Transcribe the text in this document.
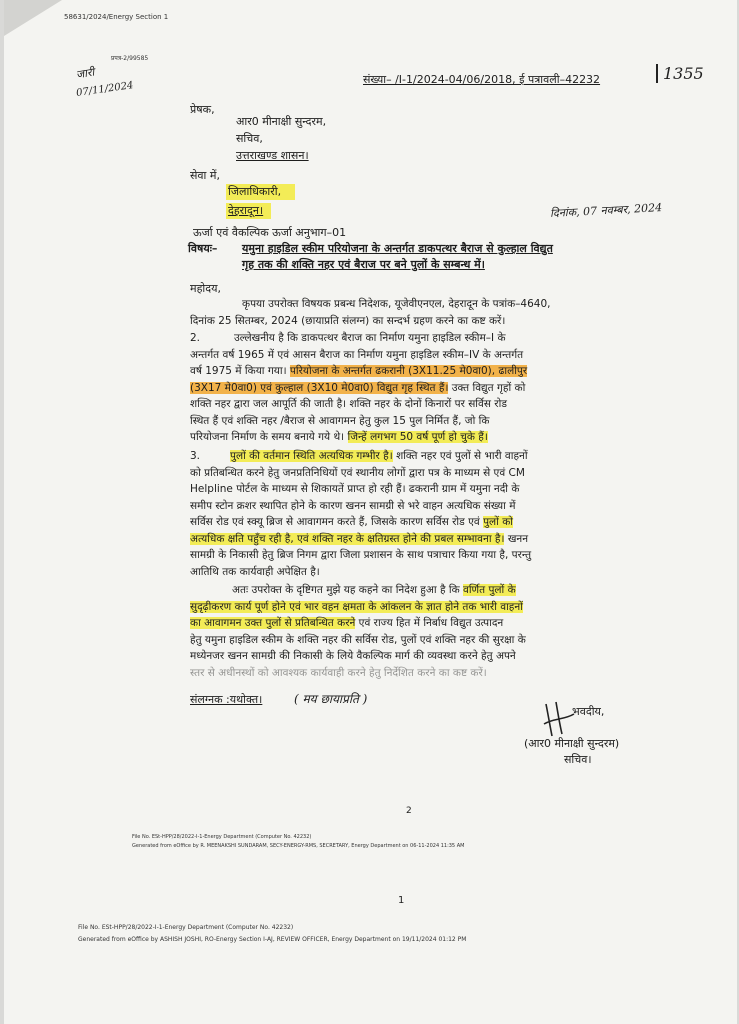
58631/2024/Energy Section 1
प्रपत्र-2/99585
जारी
07/11/2024
संख्या– /I-1/2024-04/06/2018, ई पत्रावली–42232	1355
प्रेषक,
आर0 मीनाक्षी सुन्दरम,
सचिव,
उत्तराखण्ड शासन।
सेवा में,
जिलाधिकारी,
देहरादून।	दिनांक, 07 नवम्बर, 2024
ऊर्जा एवं वैकल्पिक ऊर्जा अनुभाग–01
विषयः– यमुना हाइडिल स्कीम परियोजना के अन्तर्गत डाकपत्थर बैराज से कुल्हाल विद्युत
गृह तक की शक्ति नहर एवं बैराज पर बने पुलों के सम्बन्ध में।
महोदय,
कृपया उपरोक्त विषयक प्रबन्ध निदेशक, यूजेवीएनएल, देहरादून के पत्रांक–4640,
दिनांक 25 सितम्बर, 2024 (छायाप्रति संलग्न) का सन्दर्भ ग्रहण करने का कष्ट करें।
2.	उल्लेखनीय है कि डाकपत्थर बैराज का निर्माण यमुना हाइडिल स्कीम–I के
अन्तर्गत वर्ष 1965 में एवं आसन बैराज का निर्माण यमुना हाइडिल स्कीम–IV के अन्तर्गत
वर्ष 1975 में किया गया। परियोजना के अन्तर्गत ढकरानी (3X11.25 मे0वा0), ढालीपुर
(3X17 मे0वा0) एवं कुल्हाल (3X10 मे0वा0) विद्युत गृह स्थित हैं। उक्त विद्युत गृहों को
शक्ति नहर द्वारा जल आपूर्ति की जाती है। शक्ति नहर के दोनों किनारों पर सर्विस रोड
स्थित हैं एवं शक्ति नहर /बैराज से आवागमन हेतु कुल 15 पुल निर्मित हैं, जो कि
परियोजना निर्माण के समय बनाये गये थे। जिन्हें लगभग 50 वर्ष पूर्ण हो चुके हैं।
3.	पुलों की वर्तमान स्थिति अत्यधिक गम्भीर है। शक्ति नहर एवं पुलों से भारी वाहनों
को प्रतिबन्धित करने हेतु जनप्रतिनिधियों एवं स्थानीय लोगों द्वारा पत्र के माध्यम से एवं CM
Helpline पोर्टल के माध्यम से शिकायतें प्राप्त हो रही हैं। ढकरानी ग्राम में यमुना नदी के
समीप स्टोन क्रशर स्थापित होने के कारण खनन सामग्री से भरे वाहन अत्यधिक संख्या में
सर्विस रोड एवं स्क्यू ब्रिज से आवागमन करते हैं, जिसके कारण सर्विस रोड एवं पुलों को
अत्यधिक क्षति पहुँच रही है, एवं शक्ति नहर के क्षतिग्रस्त होने की प्रबल सम्भावना है। खनन
सामग्री के निकासी हेतु ब्रिज निगम द्वारा जिला प्रशासन के साथ पत्राचार किया गया है, परन्तु
आतिथि तक कार्यवाही अपेक्षित है।
अतः उपरोक्त के दृष्टिगत मुझे यह कहने का निदेश हुआ है कि वर्णित पुलों के
सुदृढ़ीकरण कार्य पूर्ण होने एवं भार वहन क्षमता के आंकलन के ज्ञात होने तक भारी वाहनों
का आवागमन उक्त पुलों से प्रतिबन्धित करने एवं राज्य हित में निर्बाध विद्युत उत्पादन
हेतु यमुना हाइडिल स्कीम के शक्ति नहर की सर्विस रोड, पुलों एवं शक्ति नहर की सुरक्षा के
मध्येनजर खनन सामग्री की निकासी के लिये वैकल्पिक मार्ग की व्यवस्था करने हेतु अपने
स्तर से अधीनस्थों को आवश्यक कार्यवाही करने हेतु निर्देशित करने का कष्ट करें।
संलग्नक :यथोक्त।	( मय छायाप्रति )
भवदीय,
(आर0 मीनाक्षी सुन्दरम)
सचिव।
2
File No. ESt-HPP/28/2022-I-1-Energy Department (Computer No. 42232)
Generated from eOffice by R. MEENAKSHI SUNDARAM, SECY-ENERGY-RMS, SECRETARY, Energy Department on 06-11-2024 11:35 AM
1
File No. ESt-HPP/28/2022-I-1-Energy Department (Computer No. 42232)
Generated from eOffice by ASHISH JOSHI, RO-Energy Section I-AJ, REVIEW OFFICER, Energy Department on 19/11/2024 01:12 PM
